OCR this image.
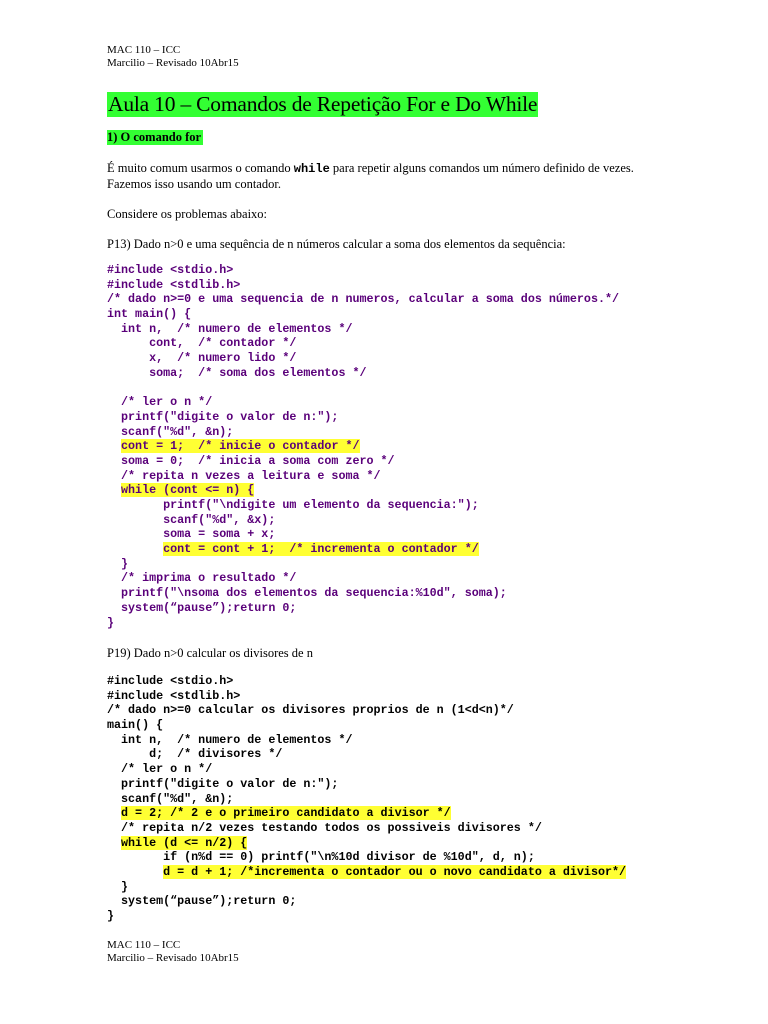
MAC 110 – ICC
Marcilio – Revisado 10Abr15
Aula 10 – Comandos de Repetição For e Do While
1) O comando for
É muito comum usarmos o comando while para repetir alguns comandos um número definido de vezes.
Fazemos isso usando um contador.
Considere os problemas abaixo:
P13) Dado n>0 e uma sequência de n números calcular a soma dos elementos da sequência:
#include <stdio.h>
#include <stdlib.h>
/* dado n>=0 e uma sequencia de n numeros, calcular a soma dos números.*/
int main() {
int n,  /* numero de elementos */
cont,  /* contador */
x,  /* numero lido */
soma;  /* soma dos elementos */
/* ler o n */
printf("digite o valor de n:");
scanf("%d", &n);
cont = 1;  /* inicie o contador */
soma = 0;  /* inicia a soma com zero */
/* repita n vezes a leitura e soma */
while (cont <= n) {
printf("\ndigite um elemento da sequencia:");
scanf("%d", &x);
soma = soma + x;
cont = cont + 1;  /* incrementa o contador */
}
/* imprima o resultado */
printf("\nsoma dos elementos da sequencia:%10d", soma);
system(“pause”);return 0;
}
P19) Dado n>0 calcular os divisores de n
#include <stdio.h>
#include <stdlib.h>
/* dado n>=0 calcular os divisores proprios de n (1<d<n)*/
main() {
int n,  /* numero de elementos */
d;  /* divisores */
/* ler o n */
printf("digite o valor de n:");
scanf("%d", &n);
d = 2; /* 2 e o primeiro candidato a divisor */
/* repita n/2 vezes testando todos os possiveis divisores */
while (d <= n/2) {
if (n%d == 0) printf("\n%10d divisor de %10d", d, n);
d = d + 1; /*incrementa o contador ou o novo candidato a divisor*/
}
system(“pause”);return 0;
}
MAC 110 – ICC
Marcilio – Revisado 10Abr15
